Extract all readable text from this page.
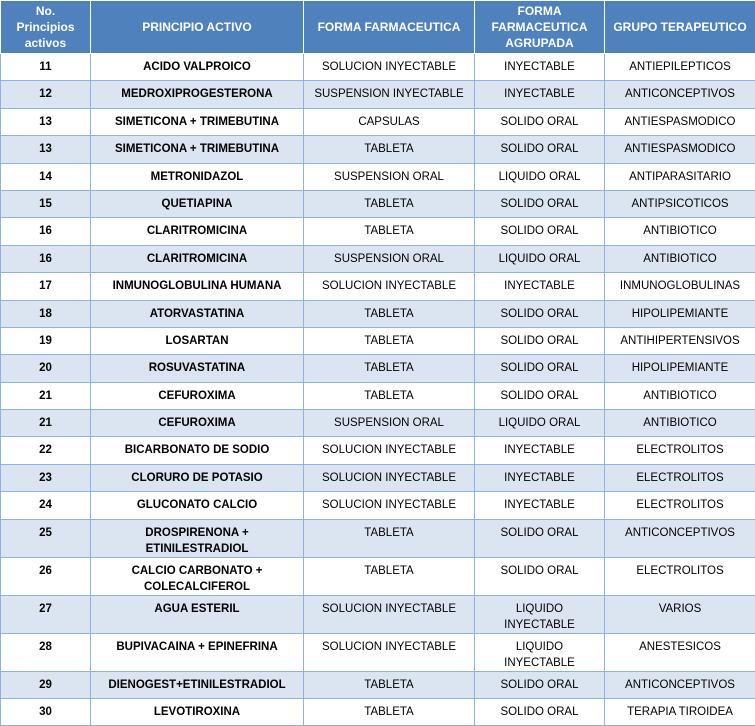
No.
Principios
activos	PRINCIPIO ACTIVO	FORMA FARMACEUTICA	FORMA
FARMACEUTICA
AGRUPADA	GRUPO TERAPEUTICO

11	ACIDO VALPROICO	SOLUCION INYECTABLE	INYECTABLE	ANTIEPILEPTICOS

12	MEDROXIPROGESTERONA	SUSPENSION INYECTABLE	INYECTABLE	ANTICONCEPTIVOS

13	SIMETICONA + TRIMEBUTINA	CAPSULAS	SOLIDO ORAL	ANTIESPASMODICO

13	SIMETICONA + TRIMEBUTINA	TABLETA	SOLIDO ORAL	ANTIESPASMODICO

14	METRONIDAZOL	SUSPENSION ORAL	LIQUIDO ORAL	ANTIPARASITARIO

15	QUETIAPINA	TABLETA	SOLIDO ORAL	ANTIPSICOTICOS

16	CLARITROMICINA	TABLETA	SOLIDO ORAL	ANTIBIOTICO

16	CLARITROMICINA	SUSPENSION ORAL	LIQUIDO ORAL	ANTIBIOTICO

17	INMUNOGLOBULINA HUMANA	SOLUCION INYECTABLE	INYECTABLE	INMUNOGLOBULINAS

18	ATORVASTATINA	TABLETA	SOLIDO ORAL	HIPOLIPEMIANTE

19	LOSARTAN	TABLETA	SOLIDO ORAL	ANTIHIPERTENSIVOS

20	ROSUVASTATINA	TABLETA	SOLIDO ORAL	HIPOLIPEMIANTE

21	CEFUROXIMA	TABLETA	SOLIDO ORAL	ANTIBIOTICO

21	CEFUROXIMA	SUSPENSION ORAL	LIQUIDO ORAL	ANTIBIOTICO

22	BICARBONATO DE SODIO	SOLUCION INYECTABLE	INYECTABLE	ELECTROLITOS

23	CLORURO DE POTASIO	SOLUCION INYECTABLE	INYECTABLE	ELECTROLITOS

24	GLUCONATO CALCIO	SOLUCION INYECTABLE	INYECTABLE	ELECTROLITOS

25	DROSPIRENONA +
ETINILESTRADIOL	TABLETA	SOLIDO ORAL	ANTICONCEPTIVOS

26	CALCIO CARBONATO +
COLECALCIFEROL	TABLETA	SOLIDO ORAL	ELECTROLITOS

27	AGUA ESTERIL	SOLUCION INYECTABLE	LIQUIDO
INYECTABLE	VARIOS

28	BUPIVACAINA + EPINEFRINA	SOLUCION INYECTABLE	LIQUIDO
INYECTABLE	ANESTESICOS

29	DIENOGEST+ETINILESTRADIOL	TABLETA	SOLIDO ORAL	ANTICONCEPTIVOS

30	LEVOTIROXINA	TABLETA	SOLIDO ORAL	TERAPIA TIROIDEA
